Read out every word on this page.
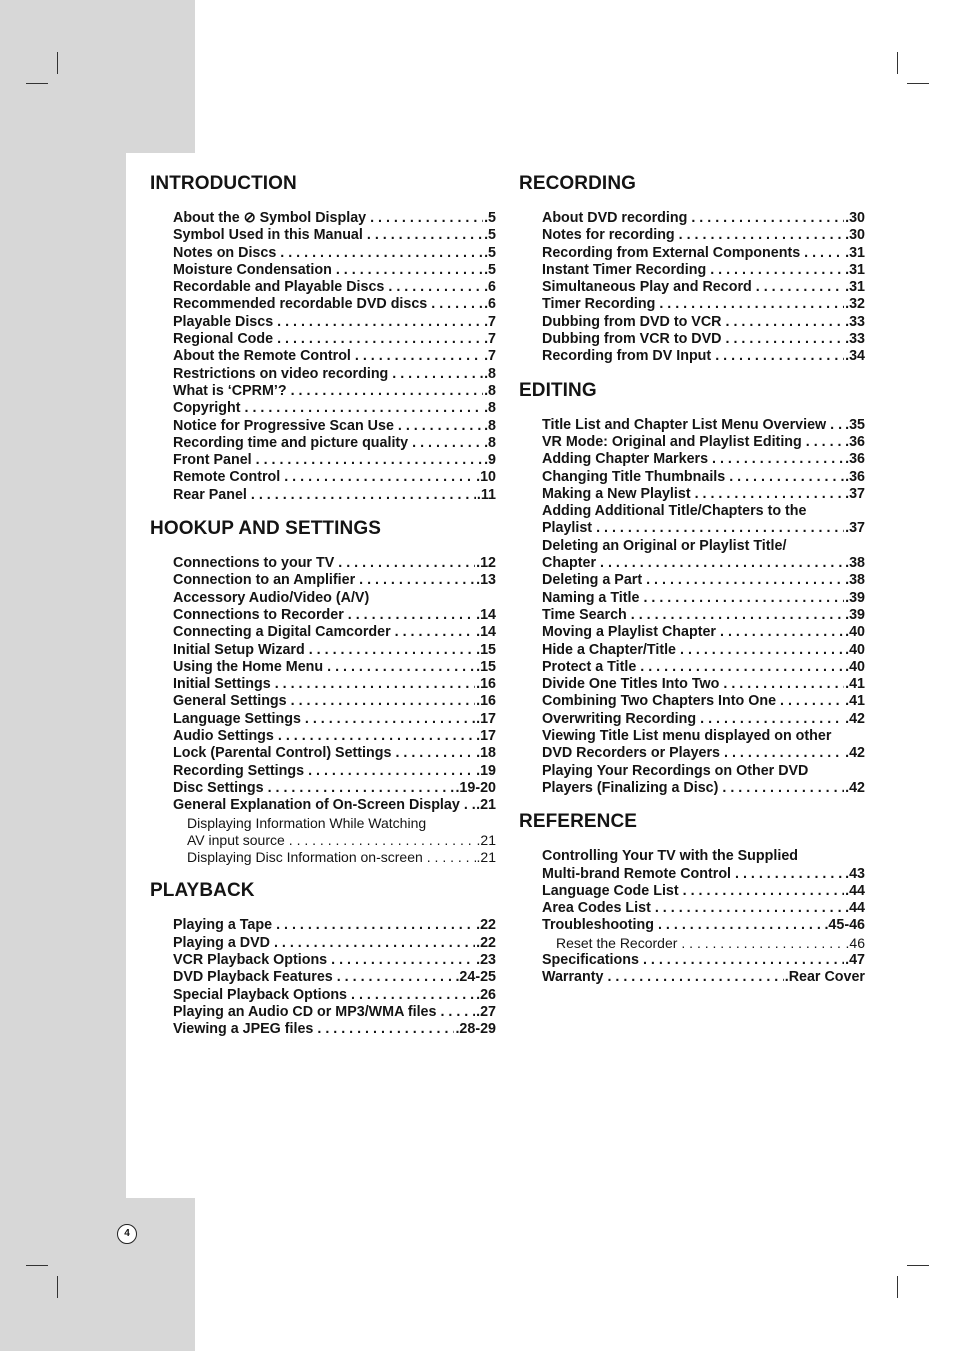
INTRODUCTION
About the ⊘ Symbol Display . . .	.5
Symbol Used in this Manual . . .	.5
Notes on Discs . . .	.5
Moisture Condensation . . .	.5
Recordable and Playable Discs . . .	.6
Recommended recordable DVD discs . . .	.6
Playable Discs . . .	.7
Regional Code . . .	.7
About the Remote Control . . .	.7
Restrictions on video recording . . .	.8
What is ‘CPRM’? . . .	.8
Copyright . . .	.8
Notice for Progressive Scan Use . . .	.8
Recording time and picture quality . . .	.8
Front Panel . . .	.9
Remote Control . . .	.10
Rear Panel . . .	.11
HOOKUP AND SETTINGS
Connections to your TV . . .	.12
Connection to an Amplifier . . .	.13
Accessory Audio/Video (A/V)
Connections to Recorder . . .	.14
Connecting a Digital Camcorder . . .	.14
Initial Setup Wizard . . .	.15
Using the Home Menu . . .	.15
Initial Settings . . .	.16
General Settings . . .	.16
Language Settings . . .	.17
Audio Settings . . .	.17
Lock (Parental Control) Settings . . .	.18
Recording Settings . . .	.19
Disc Settings . . .	.19-20
General Explanation of On-Screen Display . . . .21
Displaying Information While Watching
AV input source . . .	.21
Displaying Disc Information on-screen . . .	.21
PLAYBACK
Playing a Tape . . .	.22
Playing a DVD . . .	.22
VCR Playback Options . . .	.23
DVD Playback Features . . .	.24-25
Special Playback Options . . .	.26
Playing an Audio CD or MP3/WMA files . . .	.27
Viewing a JPEG files . . .	.28-29
RECORDING
About DVD recording . . .	.30
Notes for recording . . .	.30
Recording from External Components . . .	.31
Instant Timer Recording . . .	.31
Simultaneous Play and Record . . .	.31
Timer Recording . . .	.32
Dubbing from DVD to VCR . . .	.33
Dubbing from VCR to DVD . . .	.33
Recording from DV Input . . .	.34
EDITING
Title List and Chapter List Menu Overview . . . .35
VR Mode: Original and Playlist Editing . . .	.36
Adding Chapter Markers . . .	.36
Changing Title Thumbnails . . .	.36
Making a New Playlist . . .	.37
Adding Additional Title/Chapters to the
Playlist . . .	.37
Deleting an Original or Playlist Title/
Chapter . . .	.38
Deleting a Part . . .	.38
Naming a Title . . .	.39
Time Search . . .	.39
Moving a Playlist Chapter . . .	.40
Hide a Chapter/Title . . .	.40
Protect a Title . . .	.40
Divide One Titles Into Two . . .	.41
Combining Two Chapters Into One . . .	.41
Overwriting Recording . . .	.42
Viewing Title List menu displayed on other
DVD Recorders or Players . . .	.42
Playing Your Recordings on Other DVD
Players (Finalizing a Disc) . . .	.42
REFERENCE
Controlling Your TV with the Supplied
Multi-brand Remote Control . . .	.43
Language Code List . . .	.44
Area Codes List . . .	.44
Troubleshooting . . .	.45-46
Reset the Recorder . . .	.46
Specifications . . .	.47
Warranty . . .	.Rear Cover
4
